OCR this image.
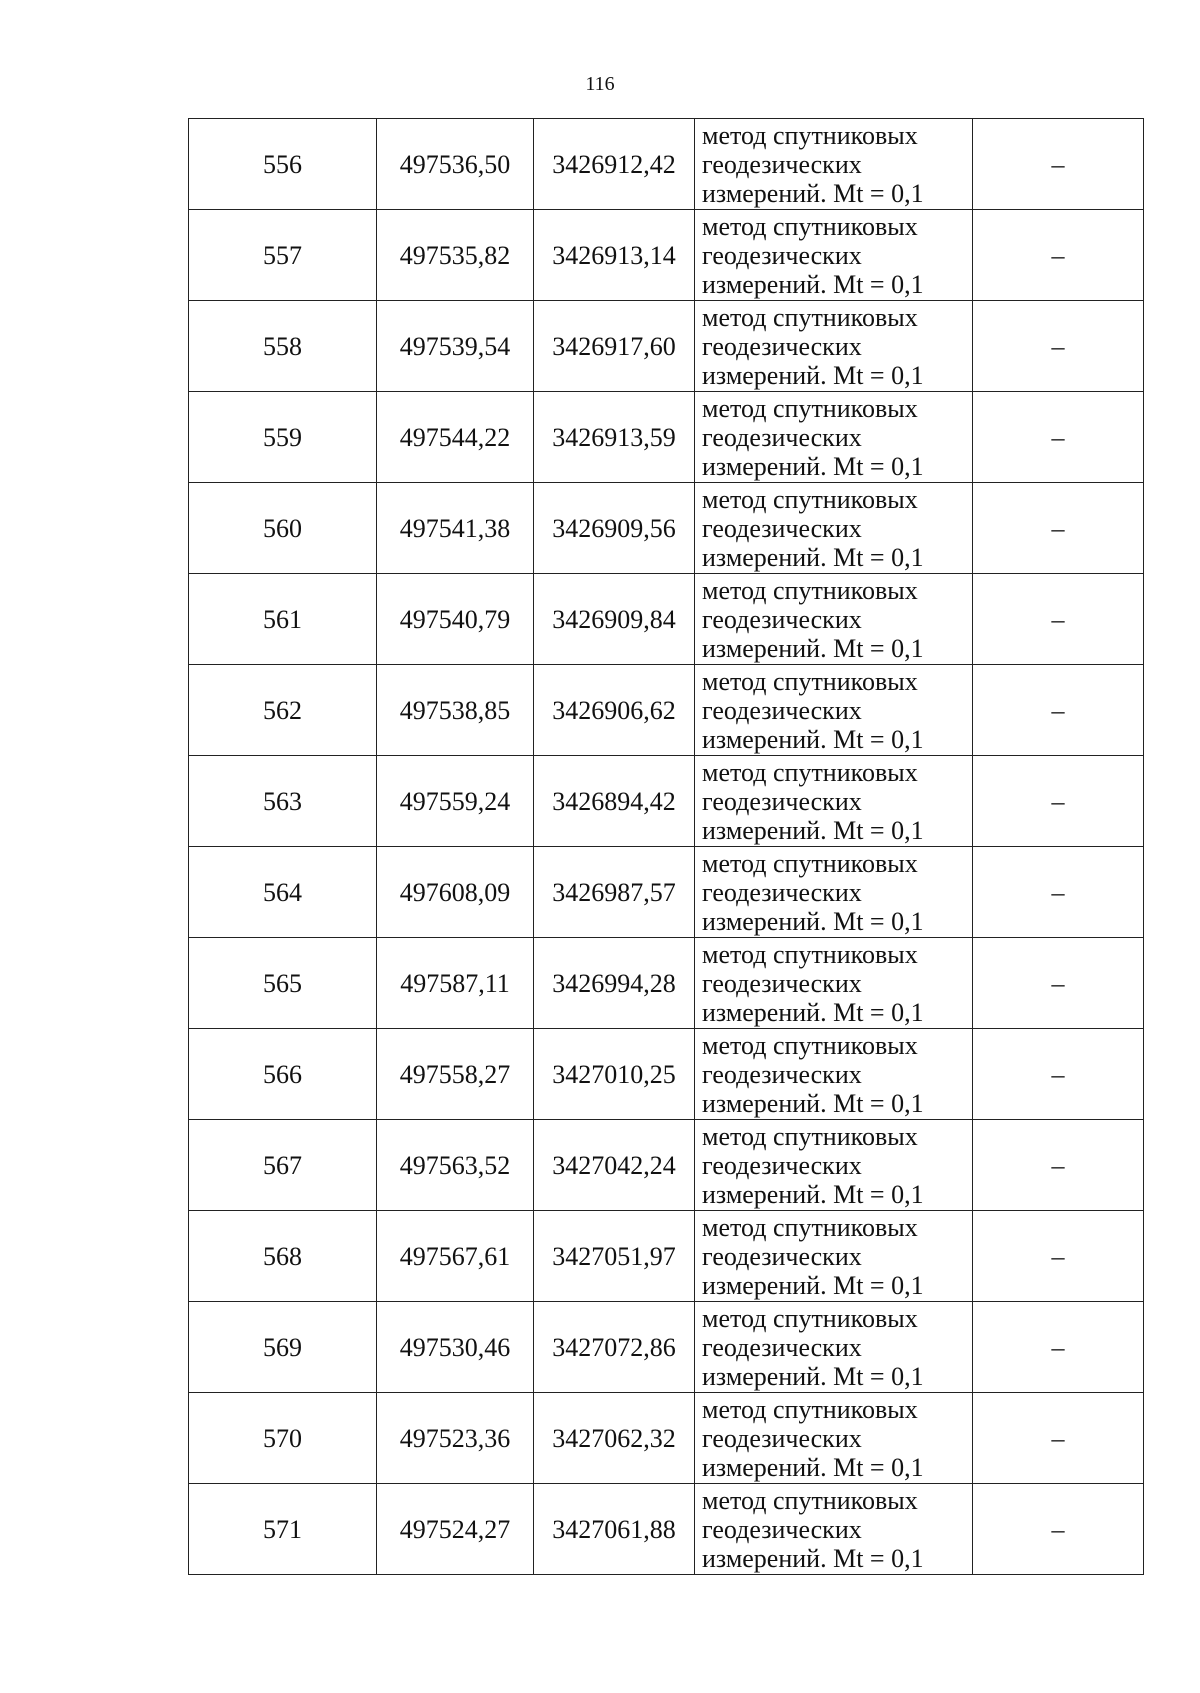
116
556	497536,50	3426912,42	метод спутниковых
геодезических
измерений. Mt = 0,1	–
557	497535,82	3426913,14	метод спутниковых
геодезических
измерений. Mt = 0,1	–
558	497539,54	3426917,60	метод спутниковых
геодезических
измерений. Mt = 0,1	–
559	497544,22	3426913,59	метод спутниковых
геодезических
измерений. Mt = 0,1	–
560	497541,38	3426909,56	метод спутниковых
геодезических
измерений. Mt = 0,1	–
561	497540,79	3426909,84	метод спутниковых
геодезических
измерений. Mt = 0,1	–
562	497538,85	3426906,62	метод спутниковых
геодезических
измерений. Mt = 0,1	–
563	497559,24	3426894,42	метод спутниковых
геодезических
измерений. Mt = 0,1	–
564	497608,09	3426987,57	метод спутниковых
геодезических
измерений. Mt = 0,1	–
565	497587,11	3426994,28	метод спутниковых
геодезических
измерений. Mt = 0,1	–
566	497558,27	3427010,25	метод спутниковых
геодезических
измерений. Mt = 0,1	–
567	497563,52	3427042,24	метод спутниковых
геодезических
измерений. Mt = 0,1	–
568	497567,61	3427051,97	метод спутниковых
геодезических
измерений. Mt = 0,1	–
569	497530,46	3427072,86	метод спутниковых
геодезических
измерений. Mt = 0,1	–
570	497523,36	3427062,32	метод спутниковых
геодезических
измерений. Mt = 0,1	–
571	497524,27	3427061,88	метод спутниковых
геодезических
измерений. Mt = 0,1	–
